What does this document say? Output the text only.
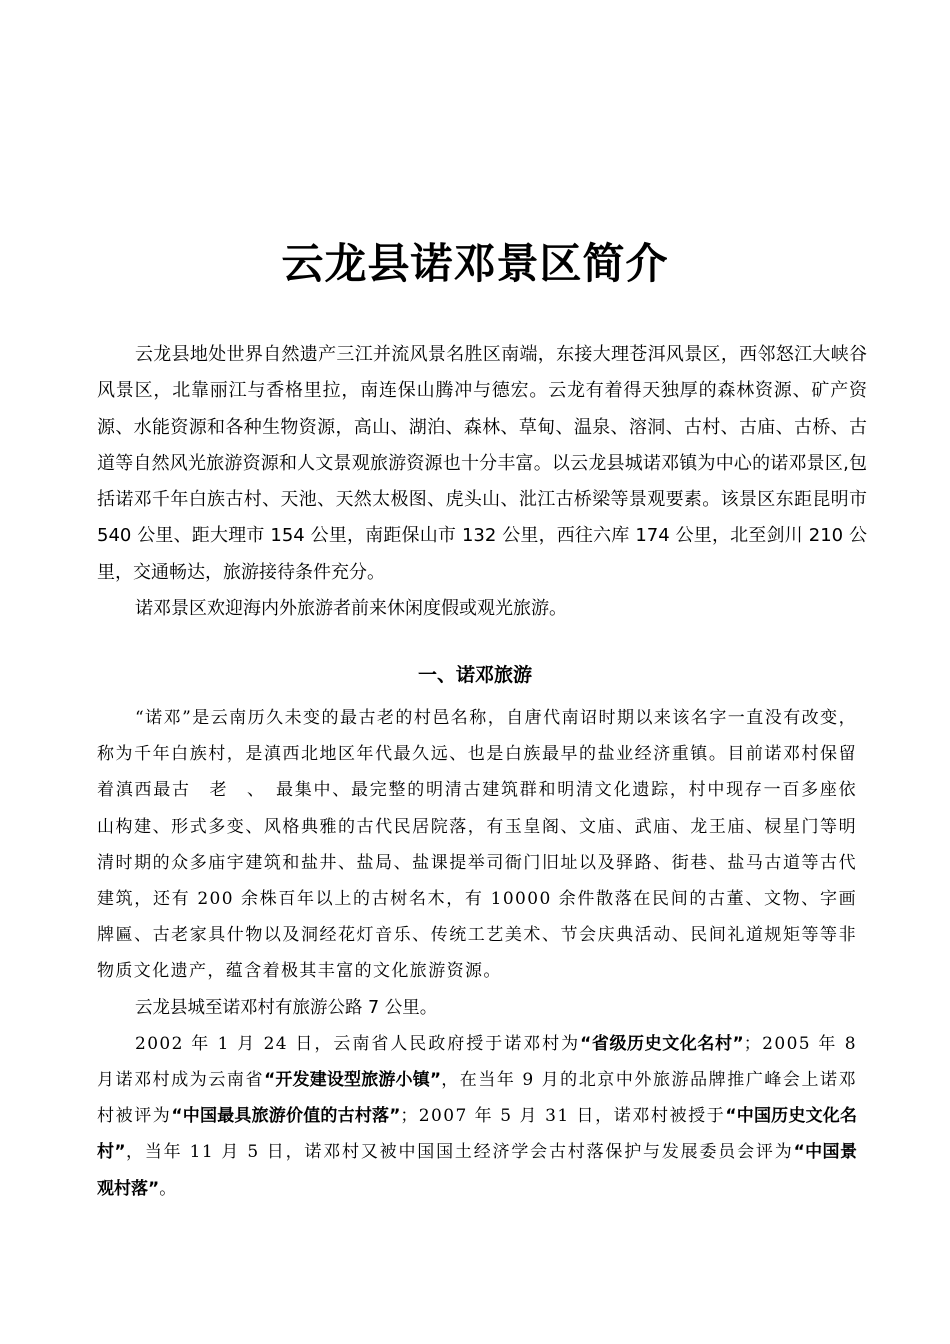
云龙县诺邓景区简介

云龙县地处世界自然遗产三江并流风景名胜区南端，东接大理苍洱风景区，西邻怒江大峡谷风景区，北靠丽江与香格里拉，南连保山腾冲与德宏。云龙有着得天独厚的森林资源、矿产资源、水能资源和各种生物资源，高山、湖泊、森林、草甸、温泉、溶洞、古村、古庙、古桥、古道等自然风光旅游资源和人文景观旅游资源也十分丰富。以云龙县城诺邓镇为中心的诺邓景区,包括诺邓千年白族古村、天池、天然太极图、虎头山、沘江古桥梁等景观要素。该景区东距昆明市 540 公里、距大理市 154 公里，南距保山市 132 公里，西往六库 174 公里，北至剑川 210 公里，交通畅达，旅游接待条件充分。

诺邓景区欢迎海内外旅游者前来休闲度假或观光旅游。

一、诺邓旅游

“诺邓”是云南历久未变的最古老的村邑名称，自唐代南诏时期以来该名字一直没有改变，称为千年白族村，是滇西北地区年代最久远、也是白族最早的盐业经济重镇。目前诺邓村保留着滇西最古　老　、　最集中、最完整的明清古建筑群和明清文化遗踪，村中现存一百多座依山构建、形式多变、风格典雅的古代民居院落，有玉皇阁、文庙、武庙、龙王庙、棂星门等明清时期的众多庙宇建筑和盐井、盐局、盐课提举司衙门旧址以及驿路、街巷、盐马古道等古代建筑，还有 200 余株百年以上的古树名木，有 10000 余件散落在民间的古董、文物、字画牌匾、古老家具什物以及洞经花灯音乐、传统工艺美术、节会庆典活动、民间礼道规矩等等非物质文化遗产，蕴含着极其丰富的文化旅游资源。

云龙县城至诺邓村有旅游公路 7 公里。

2002 年 1 月 24 日，云南省人民政府授于诺邓村为“省级历史文化名村”；2005 年 8 月诺邓村成为云南省“开发建设型旅游小镇”，在当年 9 月的北京中外旅游品牌推广峰会上诺邓村被评为“中国最具旅游价值的古村落”；2007 年 5 月 31 日，诺邓村被授于“中国历史文化名村”，当年 11 月 5 日，诺邓村又被中国国土经济学会古村落保护与发展委员会评为“中国景观村落”。
